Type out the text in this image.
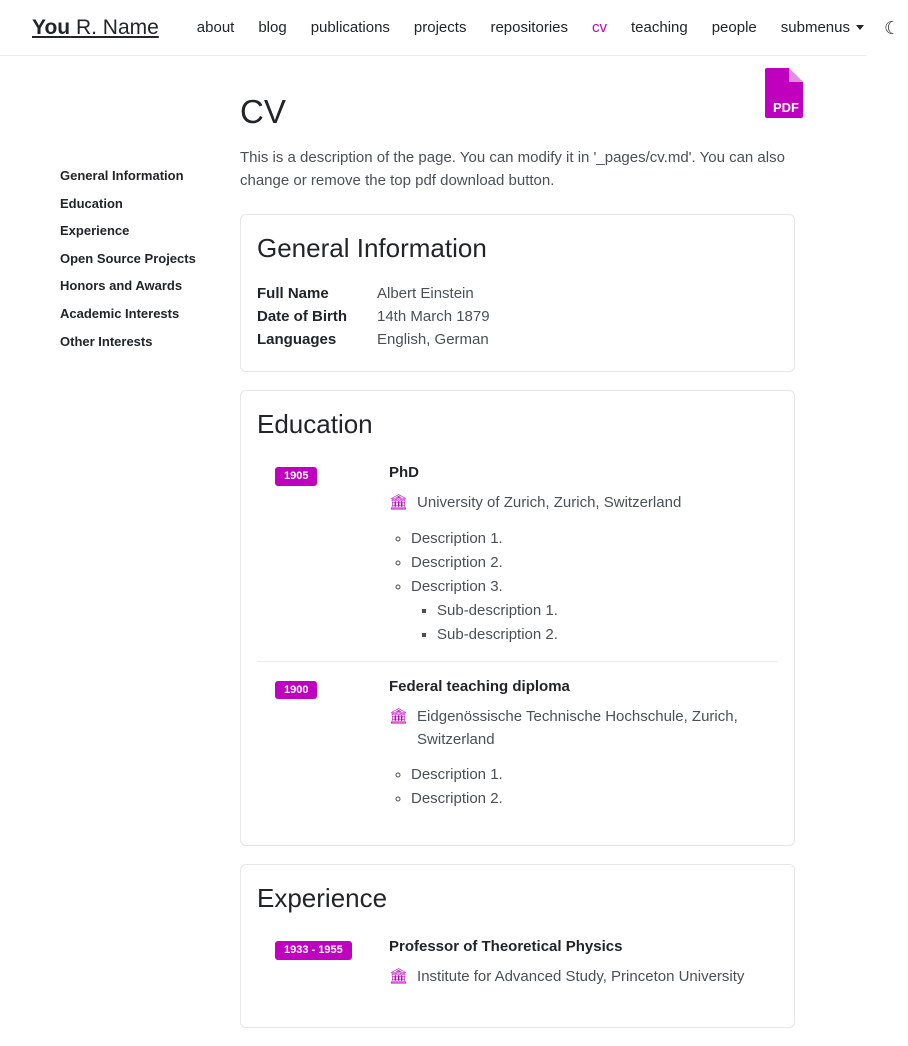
You R. Name	about	blog	publications	projects	repositories	cv	teaching	people	submenus	☾
General Information
Education
Experience
Open Source Projects
Honors and Awards
Academic Interests
Other Interests
PDF
CV

This is a description of the page. You can modify it in '_pages/cv.md'. You can also change or remove the top pdf download button.

General Information
Full Name	Albert Einstein
Date of Birth	14th March 1879
Languages	English, German
Education
1905	PhD
🏛 University of Zurich, Zurich, Switzerland
◦ Description 1.
◦ Description 2.
◦ Description 3.
▪ Sub-description 1.
▪ Sub-description 2.
1900	Federal teaching diploma
🏛 Eidgenössische Technische Hochschule, Zurich, Switzerland
◦ Description 1.
◦ Description 2.
Experience
1933 - 1955	Professor of Theoretical Physics
🏛 Institute for Advanced Study, Princeton University
